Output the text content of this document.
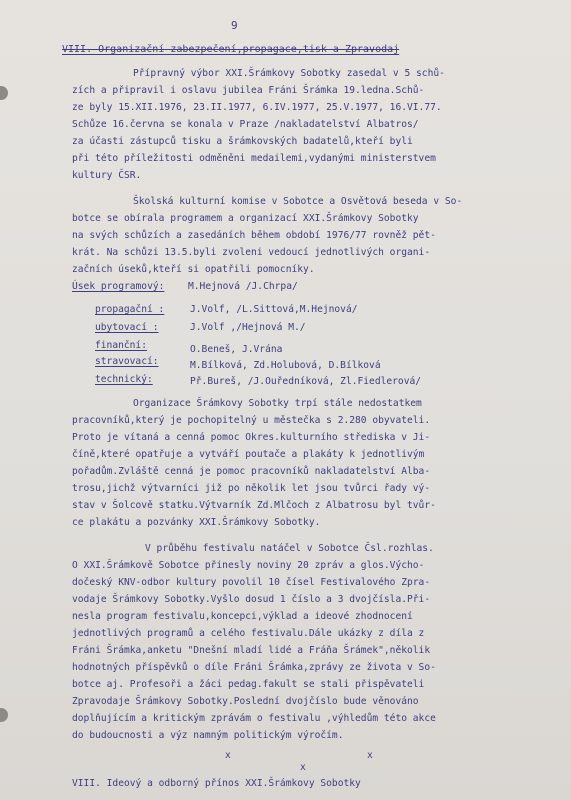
9
VIII. Organizační zabezpečení,propagace,tisk a Zpravodaj
Přípravný výbor XXI.Šrámkovy Sobotky zasedal v 5 schů-
zích a připravil i oslavu jubilea Fráni Šrámka 19.ledna.Schů-
ze byly 15.XII.1976, 23.II.1977, 6.IV.1977, 25.V.1977, 16.VI.77.
Schůze 16.června se konala v Praze /nakladatelství Albatros/
za účasti zástupců tisku a šrámkovských badatelů,kteří byli
při této příležitosti odměněni medailemi,vydanými ministerstvem
kultury ČSR.
Školská kulturní komise v Sobotce a Osvětová beseda v So-
botce se obírala programem a organizací XXI.Šrámkovy Sobotky
na svých schůzích a zasedáních během období 1976/77 rovněž pět-
krát. Na schůzi 13.5.byli zvoleni vedoucí jednotlivých organi-
začních úseků,kteří si opatřili pomocníky.
Úsek programový: M.Hejnová /J.Chrpa/
propagační :	J.Volf, /L.Sittová,M.Hejnová/
ubytovací :	J.Volf ,/Hejnová M./
finanční:	O.Beneš, J.Vrána
stravovací:	M.Bílková, Zd.Holubová, D.Bílková
technický:	Př.Bureš, /J.Ouředníková, Zl.Fiedlerová/
Organizace Šrámkovy Sobotky trpí stále nedostatkem
pracovníků,který je pochopitelný u městečka s 2.280 obyvateli.
Proto je vítaná a cenná pomoc Okres.kulturního střediska v Ji-
číně,které opatřuje a vytváří poutače a plakáty k jednotlivým
pořadům.Zvláště cenná je pomoc pracovníků nakladatelství Alba-
trosu,jichž výtvarníci již po několik let jsou tvůrci řady vý-
stav v Šolcově statku.Výtvarník Zd.Mlčoch z Albatrosu byl tvůr-
ce plakátu a pozvánky XXI.Šrámkovy Sobotky.
V průběhu festivalu natáčel v Sobotce Čsl.rozhlas.
O XXI.Šrámkově Sobotce přinesly noviny 20 zpráv a glos.Výcho-
dočeský KNV-odbor kultury povolil 10 čísel Festivalového Zpra-
vodaje Šrámkovy Sobotky.Vyšlo dosud 1 číslo a 3 dvojčísla.Při-
nesla program festivalu,koncepci,výklad a ideové zhodnocení
jednotlivých programů a celého festivalu.Dále ukázky z díla z
Fráni Šrámka,anketu "Dnešní mladí lidé a Fráňa Šrámek",několik
hodnotných příspěvků o díle Fráni Šrámka,zprávy ze života v So-
botce aj. Profesoři a žáci pedag.fakult se stali přispěvateli
Zpravodaje Šrámkovy Sobotky.Poslední dvojčíslo bude věnováno
doplňujícím a kritickým zprávám o festivalu ,výhledům této akce
do budoucnosti a výz namným politickým výročím.
x
x
x
VIII. Ideový a odborný přínos XXI.Šrámkovy Sobotky
